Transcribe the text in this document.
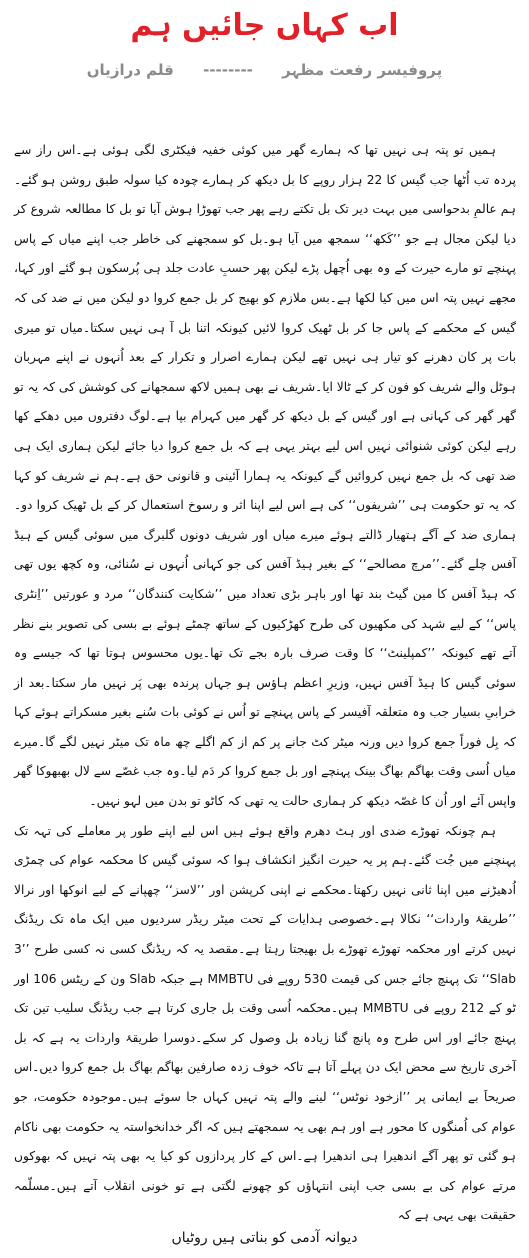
اب کہاں جائیں ہم
پروفیسر رفعت مظہر -------- قلم درازیاں

ہمیں تو پتہ ہی نہیں تھا کہ ہمارے گھر میں کوئی خفیہ فیکٹری لگی ہوئی ہے۔اس راز سے پردہ تب اُٹھا جب گیس کا 22 ہزار روپے کا بل دیکھ کر ہمارے چودہ کیا سولہ طبق روشن ہو گئے۔ہم عالمِ بدحواسی میں بہت دیر تک بل تکتے رہے پھر جب تھوڑا ہوش آیا تو بل کا مطالعہ شروع کر دیا لیکن مجال ہے جو ’’کَکھ‘‘ سمجھ میں آیا ہو۔بل کو سمجھنے کی خاطر جب اپنے میاں کے پاس پہنچے تو مارے حیرت کے وہ بھی اُچھل پڑے لیکن پھر حسبِ عادت جلد ہی پُرسکون ہو گئے اور کہا، مجھے نہیں پتہ اس میں کیا لکھا ہے۔بس ملازم کو بھیج کر بل جمع کروا دو لیکن میں نے ضد کی کہ گیس کے محکمے کے پاس جا کر بل ٹھیک کروا لائیں کیونکہ اتنا بل آ ہی نہیں سکتا۔میاں تو میری بات پر کان دھرنے کو تیار ہی نہیں تھے لیکن ہمارے اصرار و تکرار کے بعد اُنہوں نے اپنے مہربان ہوٹل والے شریف کو فون کر کے ٹالا ایا۔شریف نے بھی ہمیں لاکھ سمجھانے کی کوشش کی کہ یہ تو گھر گھر کی کہانی ہے اور گیس کے بل دیکھ کر گھر میں کہرام بپا ہے۔لوگ دفتروں میں دھکے کھا رہے لیکن کوئی شنوائی نہیں اس لیے بہتر یہی ہے کہ بل جمع کروا دیا جائے لیکن ہماری ایک ہی ضد تھی کہ بل جمع نہیں کروائیں گے کیونکہ یہ ہمارا آئینی و قانونی حق ہے۔ہم نے شریف کو کہا کہ یہ تو حکومت ہی ’’شریفوں‘‘ کی ہے اس لیے اپنا اثر و رسوخ استعمال کر کے بل ٹھیک کروا دو۔ہماری ضد کے آگے ہتھیار ڈالتے ہوئے میرے میاں اور شریف دونوں گلبرگ میں سوئی گیس کے ہیڈ آفس چلے گئے۔’’مرچ مصالحے‘‘ کے بغیر ہیڈ آفس کی جو کہانی اُنہوں نے سُنائی، وہ کچھ یوں تھی کہ ہیڈ آفس کا مین گیٹ بند تھا اور باہر بڑی تعداد میں ’’شکایت کنندگان‘‘ مرد و عورتیں ’’اِنٹری پاس‘‘ کے لیے شہد کی مکھیوں کی طرح کھڑکیوں کے ساتھ چمٹے ہوئے بے بسی کی تصویر بنے نظر آتے تھے کیونکہ ’’کمپلینٹ‘‘ کا وقت صرف بارہ بجے تک تھا۔یوں محسوس ہوتا تھا کہ جیسے وہ سوئی گیس کا ہیڈ آفس نہیں، وزیرِ اعظم ہاؤس ہو جہاں پرندہ بھی پَر نہیں مار سکتا۔بعد از خرابیِ بسیار جب وہ متعلقہ آفیسر کے پاس پہنچے تو اُس نے کوئی بات سُنے بغیر مسکراتے ہوئے کہا کہ بِل فوراً جمع کروا دیں ورنہ میٹر کٹ جانے پر کم از کم اگلے چھ ماہ تک میٹر نہیں لگے گا۔میرے میاں اُسی وقت بھاگم بھاگ بینک پہنچے اور بل جمع کروا کر دَم لیا۔وہ جب غصّے سے لال بھبھوکا گھر واپس آئے اور اُن کا غصّہ دیکھ کر ہماری حالت یہ تھی کہ کاٹو تو بدن میں لہو نہیں۔

ہم چونکہ تھوڑے ضدی اور ہٹ دھرم واقع ہوئے ہیں اس لیے اپنے طور پر معاملے کی تہہ تک پہنچنے میں جُت گئے۔ہم پر یہ حیرت انگیز انکشاف ہوا کہ سوئی گیس کا محکمہ عوام کی چمڑی اُدھیڑنے میں اپنا ثانی نہیں رکھتا۔محکمے نے اپنی کرپشن اور ’’لاسز‘‘ چھپانے کے لیے انوکھا اور نرالا ’’طریقۂ واردات‘‘ نکالا ہے۔خصوصی ہدایات کے تحت میٹر ریڈر سردیوں میں ایک ماہ تک ریڈنگ نہیں کرتے اور محکمہ تھوڑے تھوڑے بل بھیجتا رہتا ہے۔مقصد یہ کہ ریڈنگ کسی نہ کسی طرح ’’3 Slab‘‘ تک پہنچ جائے جس کی قیمت 530 روپے فی MMBTU ہے جبکہ Slab ون کے ریٹس 106 اور ٹو کے 212 روپے فی MMBTU ہیں۔محکمہ اُسی وقت بل جاری کرتا ہے جب ریڈنگ سلیب تین تک پہنچ جائے اور اس طرح وہ پانچ گنا زیادہ بل وصول کر سکے۔دوسرا طریقۂ واردات یہ ہے کہ بل آخری تاریخ سے محض ایک دن پہلے آتا ہے تاکہ خوف زدہ صارفین بھاگم بھاگ بل جمع کروا دیں۔اس صریحاََ بے ایمانی پر ’’ازخود نوٹس‘‘ لینے والے پتہ نہیں کہاں جا سوئے ہیں۔موجودہ حکومت، جو عوام کی اُمنگوں کا محور ہے اور ہم بھی یہ سمجھتے ہیں کہ اگر خدانخواستہ یہ حکومت بھی ناکام ہو گئی تو پھر آگے اندھیرا ہی اندھیرا ہے۔اس کے کار پردازوں کو کیا یہ بھی پتہ نہیں کہ بھوکوں مرتے عوام کی بے بسی جب اپنی انتہاؤں کو چھونے لگتی ہے تو خونی انقلاب آتے ہیں۔مسلّمہ حقیقت بھی یہی ہے کہ

دیوانہ آدمی کو بناتی ہیں روٹیاں
